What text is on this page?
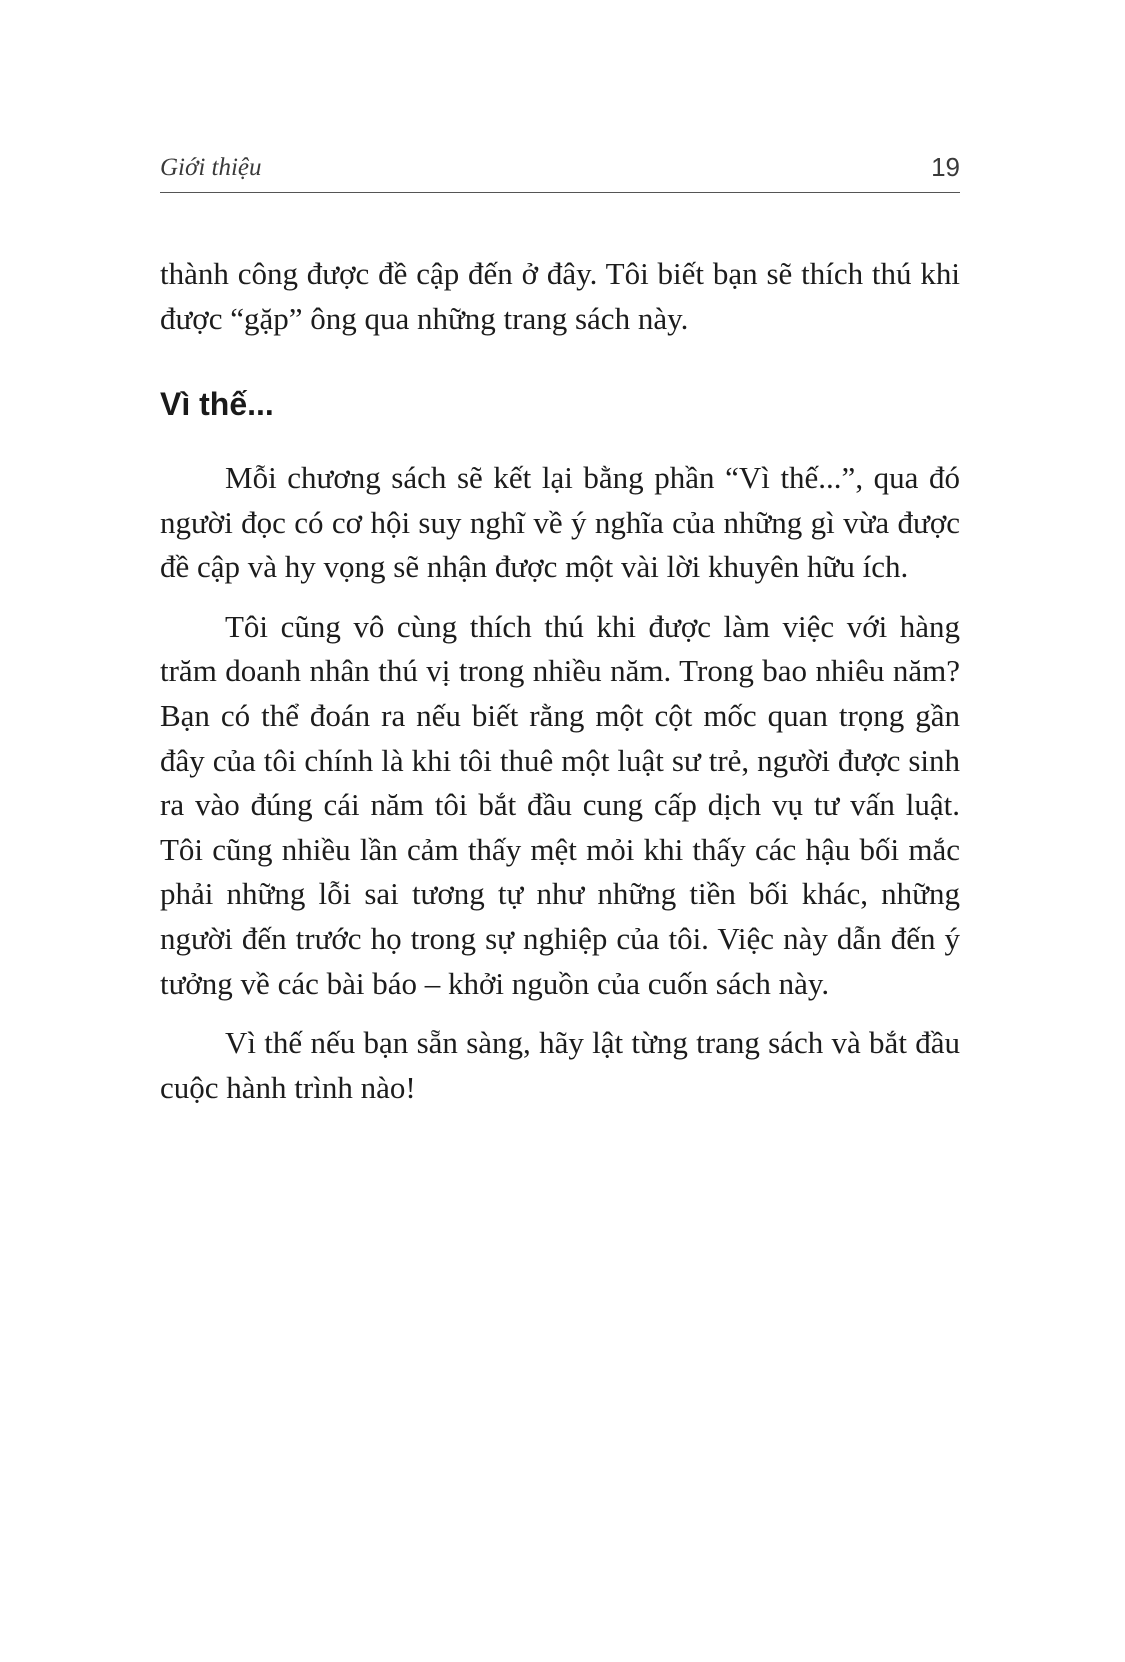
Giới thiệu	19

thành công được đề cập đến ở đây. Tôi biết bạn sẽ thích thú khi được “gặp” ông qua những trang sách này.

Vì thế...

Mỗi chương sách sẽ kết lại bằng phần “Vì thế...”, qua đó người đọc có cơ hội suy nghĩ về ý nghĩa của những gì vừa được đề cập và hy vọng sẽ nhận được một vài lời khuyên hữu ích.

Tôi cũng vô cùng thích thú khi được làm việc với hàng trăm doanh nhân thú vị trong nhiều năm. Trong bao nhiêu năm? Bạn có thể đoán ra nếu biết rằng một cột mốc quan trọng gần đây của tôi chính là khi tôi thuê một luật sư trẻ, người được sinh ra vào đúng cái năm tôi bắt đầu cung cấp dịch vụ tư vấn luật. Tôi cũng nhiều lần cảm thấy mệt mỏi khi thấy các hậu bối mắc phải những lỗi sai tương tự như những tiền bối khác, những người đến trước họ trong sự nghiệp của tôi. Việc này dẫn đến ý tưởng về các bài báo – khởi nguồn của cuốn sách này.

Vì thế nếu bạn sẵn sàng, hãy lật từng trang sách và bắt đầu cuộc hành trình nào!
